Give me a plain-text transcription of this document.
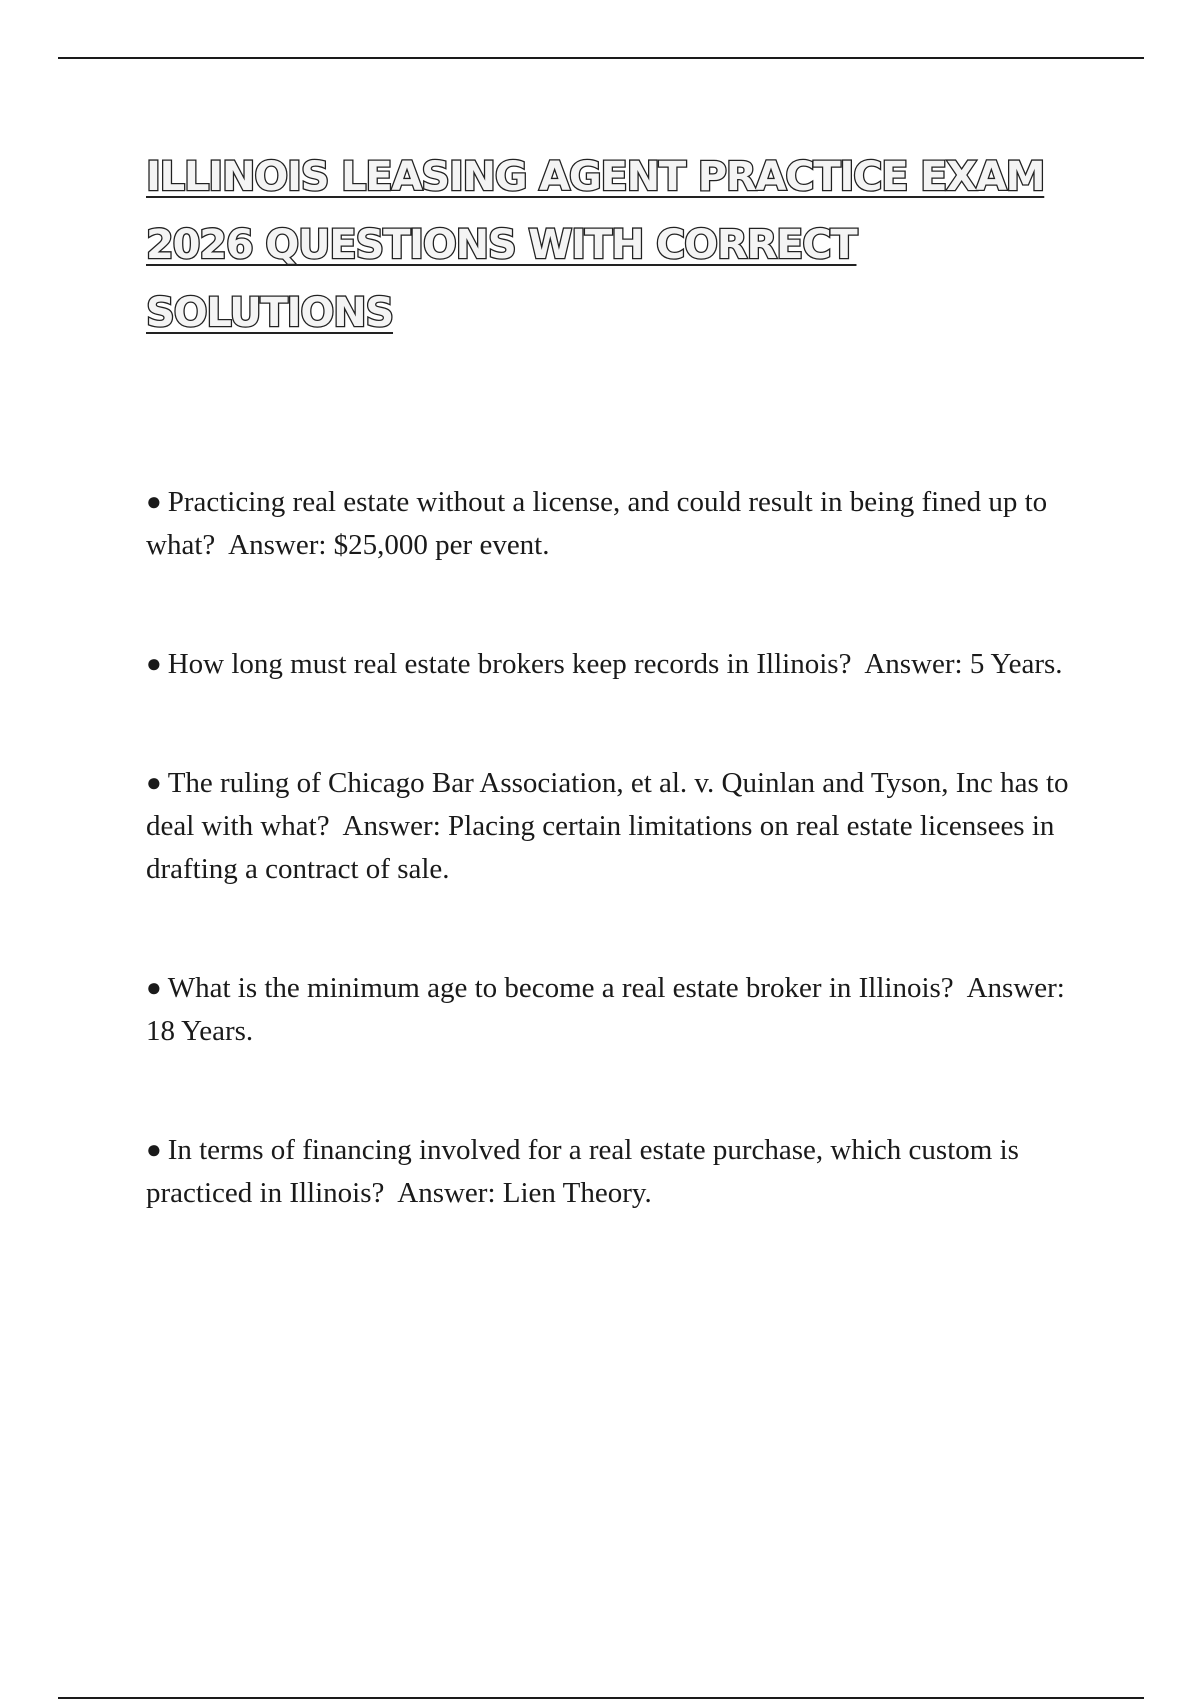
ILLINOIS LEASING AGENT PRACTICE EXAM
2026 QUESTIONS WITH CORRECT
SOLUTIONS
● Practicing real estate without a license, and could result in being fined up to what? Answer: $25,000 per event.
● How long must real estate brokers keep records in Illinois? Answer: 5 Years.
● The ruling of Chicago Bar Association, et al. v. Quinlan and Tyson, Inc has to deal with what? Answer: Placing certain limitations on real estate licensees in drafting a contract of sale.
● What is the minimum age to become a real estate broker in Illinois? Answer: 18 Years.
● In terms of financing involved for a real estate purchase, which custom is practiced in Illinois? Answer: Lien Theory.
